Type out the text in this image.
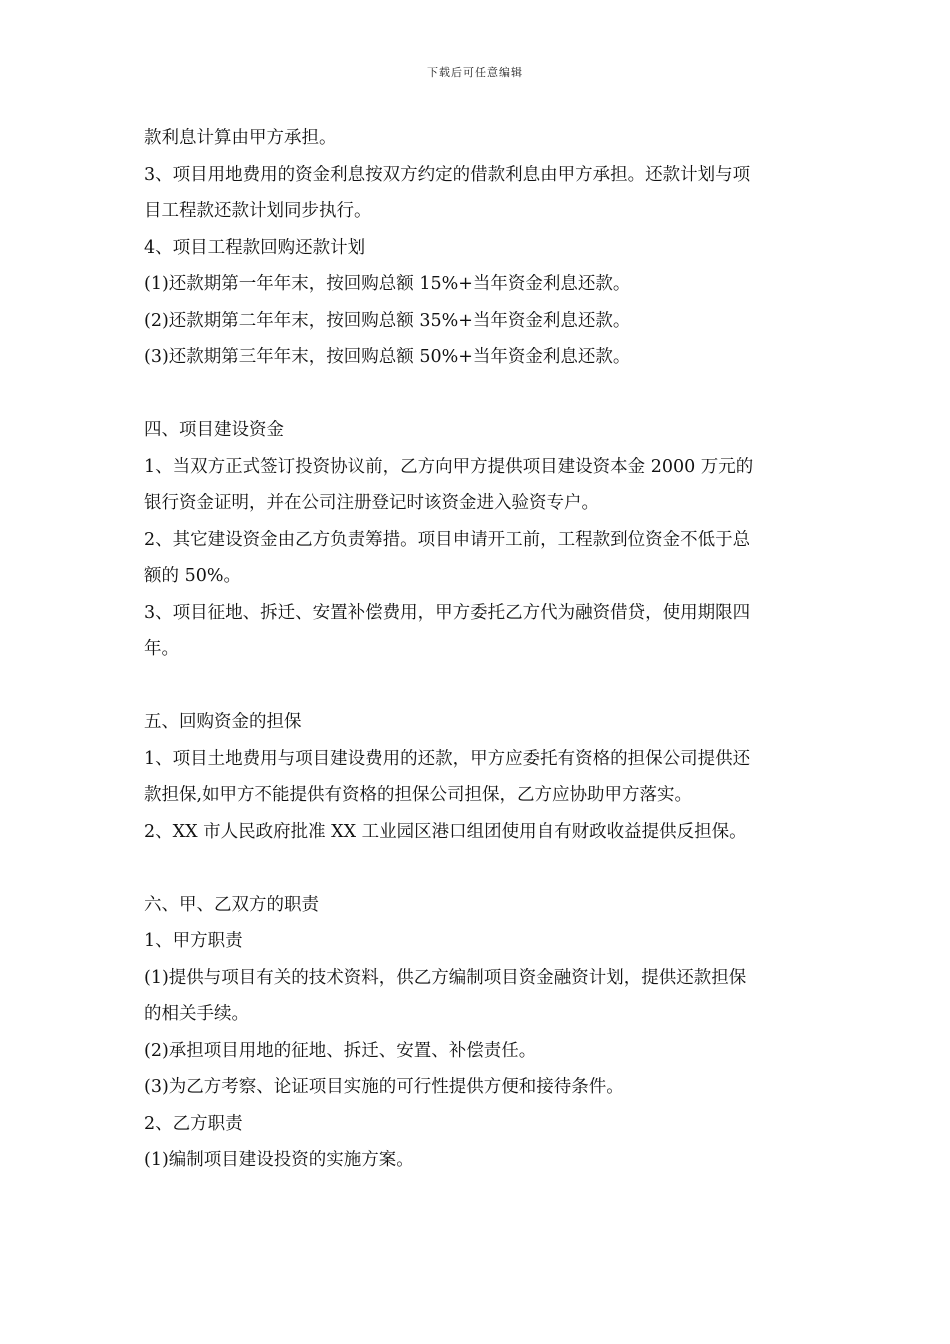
下载后可任意编辑
款利息计算由甲方承担。
3、项目用地费用的资金利息按双方约定的借款利息由甲方承担。还款计划与项
目工程款还款计划同步执行。
4、项目工程款回购还款计划
(1)还款期第一年年末，按回购总额 15%+当年资金利息还款。
(2)还款期第二年年末，按回购总额 35%+当年资金利息还款。
(3)还款期第三年年末，按回购总额 50%+当年资金利息还款。
四、项目建设资金
1、当双方正式签订投资协议前，乙方向甲方提供项目建设资本金 2000 万元的
银行资金证明，并在公司注册登记时该资金进入验资专户。
2、其它建设资金由乙方负责筹措。项目申请开工前，工程款到位资金不低于总
额的 50%。
3、项目征地、拆迁、安置补偿费用，甲方委托乙方代为融资借贷，使用期限四
年。
五、回购资金的担保
1、项目土地费用与项目建设费用的还款，甲方应委托有资格的担保公司提供还
款担保,如甲方不能提供有资格的担保公司担保，乙方应协助甲方落实。
2、XX 市人民政府批准 XX 工业园区港口组团使用自有财政收益提供反担保。
六、甲、乙双方的职责
1、甲方职责
(1)提供与项目有关的技术资料，供乙方编制项目资金融资计划，提供还款担保
的相关手续。
(2)承担项目用地的征地、拆迁、安置、补偿责任。
(3)为乙方考察、论证项目实施的可行性提供方便和接待条件。
2、乙方职责
(1)编制项目建设投资的实施方案。
